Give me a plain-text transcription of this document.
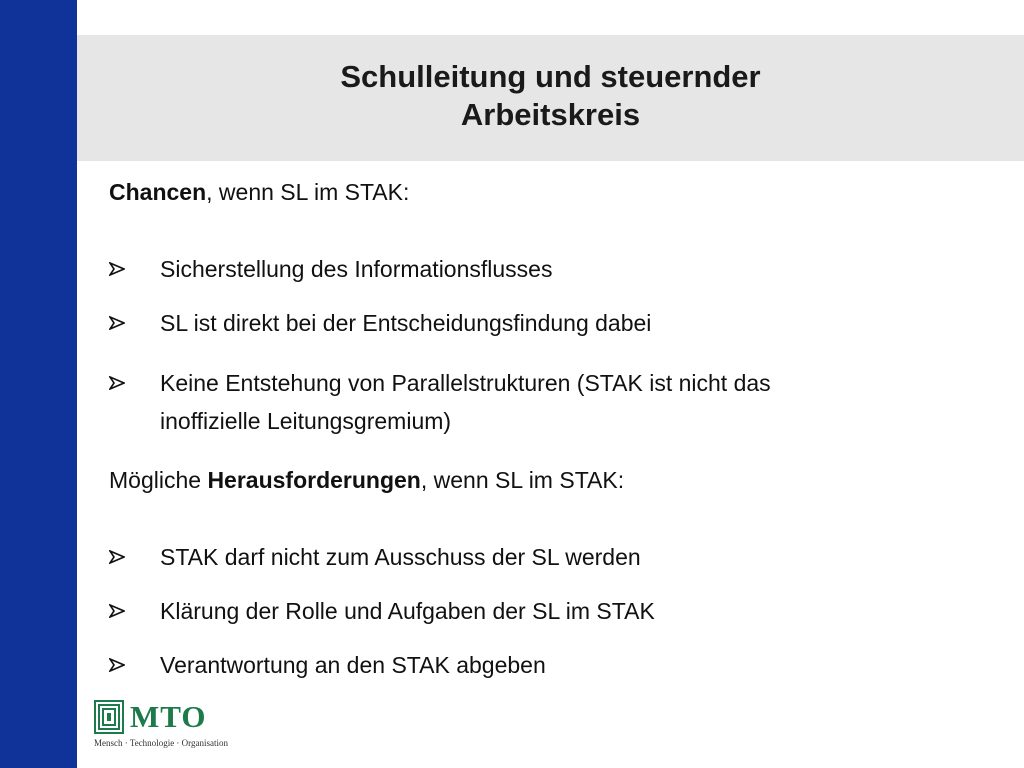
Schulleitung und steuernder
Arbeitskreis
Chancen, wenn SL im STAK:
Sicherstellung des Informationsflusses
SL ist direkt bei der Entscheidungsfindung dabei
Keine Entstehung von Parallelstrukturen (STAK ist nicht das inoffizielle Leitungsgremium)
Mögliche Herausforderungen, wenn SL im STAK:
STAK darf nicht zum Ausschuss der SL werden
Klärung der Rolle und Aufgaben der SL im STAK
Verantwortung an den STAK abgeben
MTO
Mensch · Technologie · Organisation
